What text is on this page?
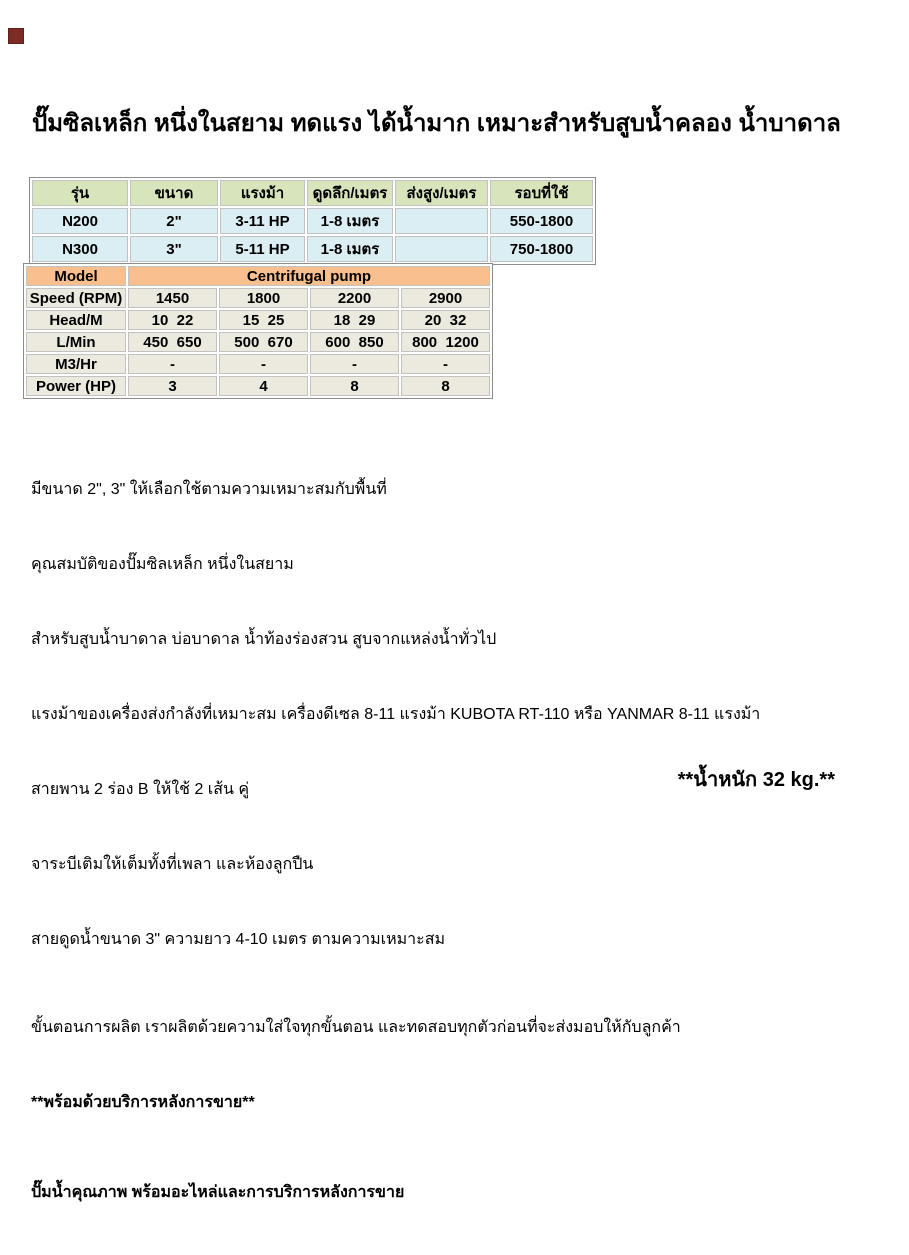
ปั๊มซิลเหล็ก หนึ่งในสยาม ทดแรง ได้น้ำมาก เหมาะสำหรับสูบน้ำคลอง น้ำบาดาล
รุ่น	ขนาด	แรงม้า	ดูดลึก/เมตร	ส่งสูง/เมตร	รอบที่ใช้
N200	2"	3-11 HP	1-8 เมตร		550-1800
N300	3"	5-11 HP	1-8 เมตร		750-1800
Model	Centrifugal pump			
Speed (RPM)	1450	1800	2200	2900
Head/M	10  22	15  25	18  29	20  32
L/Min	450  650	500  670	600  850	800  1200
M3/Hr	-	-	-	-
Power (HP)	3	4	8	8

มีขนาด 2", 3" ให้เลือกใช้ตามความเหมาะสมกับพื้นที่

คุณสมบัติของปั๊มซิลเหล็ก หนึ่งในสยาม

สำหรับสูบน้ำบาดาล บ่อบาดาล น้ำท้องร่องสวน สูบจากแหล่งน้ำทั่วไป

แรงม้าของเครื่องส่งกำลังที่เหมาะสม เครื่องดีเซล 8-11 แรงม้า KUBOTA RT-110 หรือ YANMAR 8-11 แรงม้า

สายพาน 2 ร่อง B ให้ใช้ 2 เส้น คู่

จาระบีเติมให้เต็มทั้งที่เพลา และห้องลูกปืน

สายดูดน้ำขนาด 3" ความยาว 4-10 เมตร ตามความเหมาะสม

ขั้นตอนการผลิต เราผลิตด้วยความใส่ใจทุกขั้นตอน และทดสอบทุกตัวก่อนที่จะส่งมอบให้กับลูกค้า

**พร้อมด้วยบริการหลังการขาย**

ปั๊มน้ำคุณภาพ พร้อมอะไหล่และการบริการหลังการขาย

**น้ำหนัก 32 kg.**
